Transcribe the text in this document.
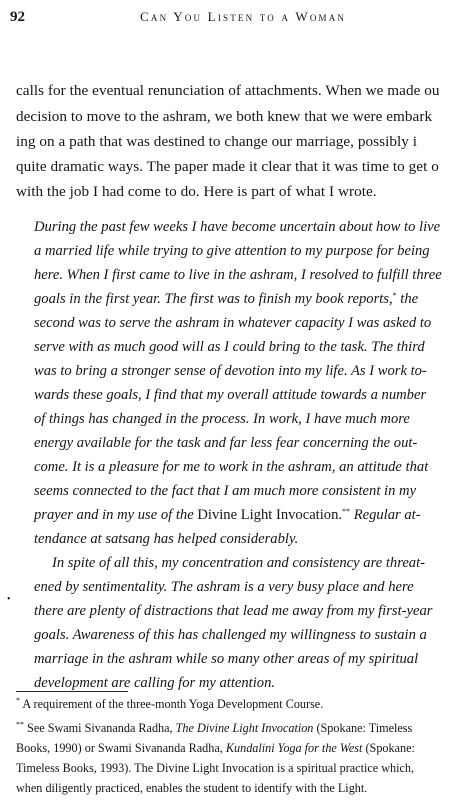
92	Can You Listen to a Woman
calls for the eventual renunciation of attachments. When we made ou
decision to move to the ashram, we both knew that we were embark
ing on a path that was destined to change our marriage, possibly i
quite dramatic ways. The paper made it clear that it was time to get o
with the job I had come to do. Here is part of what I wrote.
During the past few weeks I have become uncertain about how to live
a married life while trying to give attention to my purpose for being
here. When I first came to live in the ashram, I resolved to fulfill three
goals in the first year. The first was to finish my book reports,* the
second was to serve the ashram in whatever capacity I was asked to
serve with as much good will as I could bring to the task. The third
was to bring a stronger sense of devotion into my life. As I work to-
wards these goals, I find that my overall attitude towards a number
of things has changed in the process. In work, I have much more
energy available for the task and far less fear concerning the out-
come. It is a pleasure for me to work in the ashram, an attitude that
seems connected to the fact that I am much more consistent in my
prayer and in my use of the Divine Light Invocation.** Regular at-
tendance at satsang has helped considerably.
In spite of all this, my concentration and consistency are threat-
ened by sentimentality. The ashram is a very busy place and here
there are plenty of distractions that lead me away from my first-year
goals. Awareness of this has challenged my willingness to sustain a
marriage in the ashram while so many other areas of my spiritual
development are calling for my attention.
•
* A requirement of the three-month Yoga Development Course.
** See Swami Sivananda Radha, The Divine Light Invocation (Spokane: Timeless
Books, 1990) or Swami Sivananda Radha, Kundalini Yoga for the West (Spokane:
Timeless Books, 1993). The Divine Light Invocation is a spiritual practice which,
when diligently practiced, enables the student to identify with the Light.
